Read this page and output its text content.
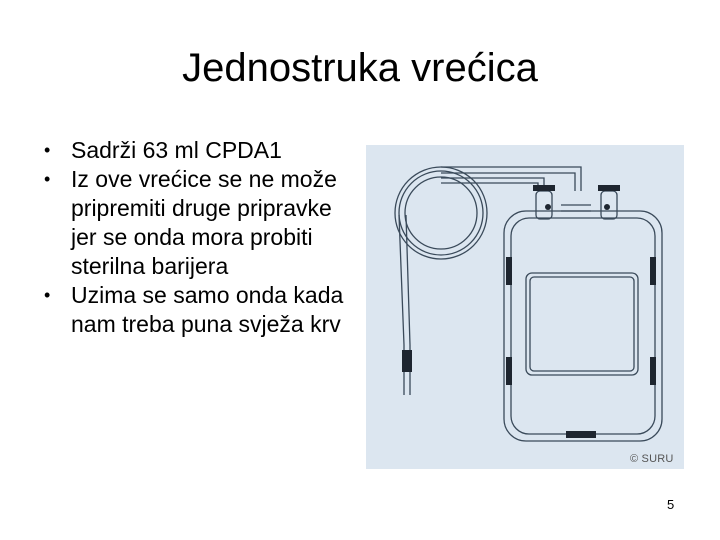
Jednostruka vrećica
• Sadrži 63 ml CPDA1
• Iz ove vrećice se ne može pripremiti druge pripravke jer se onda mora probiti sterilna barijera
• Uzima se samo onda kada nam treba puna svježa krv
© SURU
5
